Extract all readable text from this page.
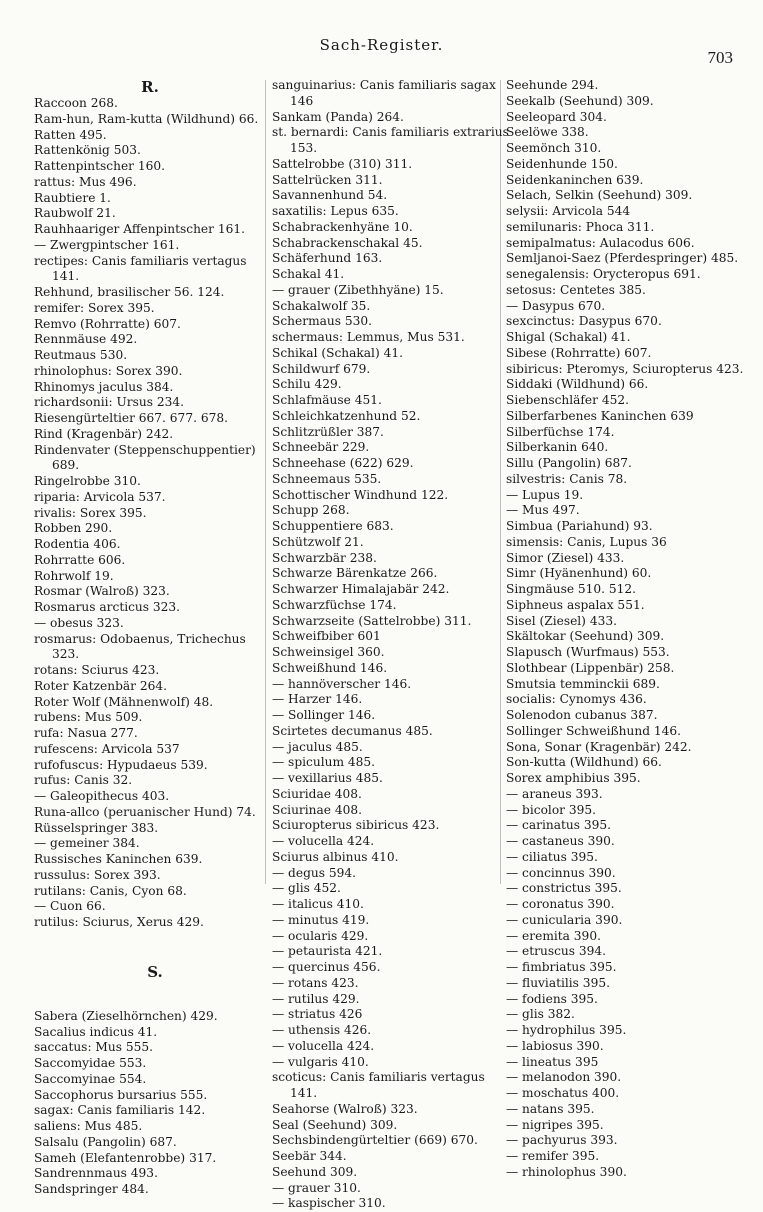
Sach-Register.
703
R.
Raccoon 268.
Ram-hun, Ram-kutta (Wildhund) 66.
Ratten 495.
Rattenkönig 503.
Rattenpintscher 160.
rattus: Mus 496.
Raubtiere 1.
Raubwolf 21.
Rauhhaariger Affenpintscher 161.
— Zwergpintscher 161.
rectipes: Canis familiaris vertagus 141.
Rehhund, brasilischer 56. 124.
remifer: Sorex 395.
Remvo (Rohrratte) 607.
Rennmäuse 492.
Reutmaus 530.
rhinolophus: Sorex 390.
Rhinomys jaculus 384.
richardsonii: Ursus 234.
Riesengürteltier 667. 677. 678.
Rind (Kragenbär) 242.
Rindenvater (Steppenschuppentier) 689.
Ringelrobbe 310.
riparia: Arvicola 537.
rivalis: Sorex 395.
Robben 290.
Rodentia 406.
Rohrratte 606.
Rohrwolf 19.
Rosmar (Walroß) 323.
Rosmarus arcticus 323.
— obesus 323.
rosmarus: Odobaenus, Trichechus 323.
rotans: Sciurus 423.
Roter Katzenbär 264.
Roter Wolf (Mähnenwolf) 48.
rubens: Mus 509.
rufa: Nasua 277.
rufescens: Arvicola 537
rufofuscus: Hypudaeus 539.
rufus: Canis 32.
— Galeopithecus 403.
Runa-allco (peruanischer Hund) 74.
Rüsselspringer 383.
— gemeiner 384.
Russisches Kaninchen 639.
russulus: Sorex 393.
rutilans: Canis, Cyon 68.
— Cuon 66.
rutilus: Sciurus, Xerus 429.
S.
Sabera (Zieselhörnchen) 429.
Sacalius indicus 41.
saccatus: Mus 555.
Saccomyidae 553.
Saccomyinae 554.
Saccophorus bursarius 555.
sagax: Canis familiaris 142.
saliens: Mus 485.
Salsalu (Pangolin) 687.
Sameh (Elefantenrobbe) 317.
Sandrennmaus 493.
Sandspringer 484.
sanguinarius: Canis familiaris sagax 146
Sankam (Panda) 264.
st. bernardi: Canis familiaris extrarius 153.
Sattelrobbe (310) 311.
Sattelrücken 311.
Savannenhund 54.
saxatilis: Lepus 635.
Schabrackenhyäne 10.
Schabrackenschakal 45.
Schäferhund 163.
Schakal 41.
— grauer (Zibethhyäne) 15.
Schakalwolf 35.
Schermaus 530.
schermaus: Lemmus, Mus 531.
Schikal (Schakal) 41.
Schildwurf 679.
Schilu 429.
Schlafmäuse 451.
Schleichkatzenhund 52.
Schlitzrüßler 387.
Schneebär 229.
Schneehase (622) 629.
Schneemaus 535.
Schottischer Windhund 122.
Schupp 268.
Schuppentiere 683.
Schützwolf 21.
Schwarzbär 238.
Schwarze Bärenkatze 266.
Schwarzer Himalajabär 242.
Schwarzfüchse 174.
Schwarzseite (Sattelrobbe) 311.
Schweifbiber 601
Schweinsigel 360.
Schweißhund 146.
— hannöverscher 146.
— Harzer 146.
— Sollinger 146.
Scirtetes decumanus 485.
— jaculus 485.
— spiculum 485.
— vexillarius 485.
Sciuridae 408.
Sciurinae 408.
Sciuropterus sibiricus 423.
— volucella 424.
Sciurus albinus 410.
— degus 594.
— glis 452.
— italicus 410.
— minutus 419.
— ocularis 429.
— petaurista 421.
— quercinus 456.
— rotans 423.
— rutilus 429.
— striatus 426
— uthensis 426.
— volucella 424.
— vulgaris 410.
scoticus: Canis familiaris vertagus 141.
Seahorse (Walroß) 323.
Seal (Seehund) 309.
Sechsbindengürteltier (669) 670.
Seebär 344.
Seehund 309.
— grauer 310.
— kaspischer 310.
Seehunde 294.
Seekalb (Seehund) 309.
Seeleopard 304.
Seelöwe 338.
Seemönch 310.
Seidenhunde 150.
Seidenkaninchen 639.
Selach, Selkin (Seehund) 309.
selysii: Arvicola 544
semilunaris: Phoca 311.
semipalmatus: Aulacodus 606.
Semljanoi-Saez (Pferdespringer) 485.
senegalensis: Orycteropus 691.
setosus: Centetes 385.
— Dasypus 670.
sexcinctus: Dasypus 670.
Shigal (Schakal) 41.
Sibese (Rohrratte) 607.
sibiricus: Pteromys, Sciuropterus 423.
Siddaki (Wildhund) 66.
Siebenschläfer 452.
Silberfarbenes Kaninchen 639
Silberfüchse 174.
Silberkanin 640.
Sillu (Pangolin) 687.
silvestris: Canis 78.
— Lupus 19.
— Mus 497.
Simbua (Pariahund) 93.
simensis: Canis, Lupus 36
Simor (Ziesel) 433.
Simr (Hyänenhund) 60.
Singmäuse 510. 512.
Siphneus aspalax 551.
Sisel (Ziesel) 433.
Skältokar (Seehund) 309.
Slapusch (Wurfmaus) 553.
Slothbear (Lippenbär) 258.
Smutsia temminckii 689.
socialis: Cynomys 436.
Solenodon cubanus 387.
Sollinger Schweißhund 146.
Sona, Sonar (Kragenbär) 242.
Son-kutta (Wildhund) 66.
Sorex amphibius 395.
— araneus 393.
— bicolor 395.
— carinatus 395.
— castaneus 390.
— ciliatus 395.
— concinnus 390.
— constrictus 395.
— coronatus 390.
— cunicularia 390.
— eremita 390.
— etruscus 394.
— fimbriatus 395.
— fluviatilis 395.
— fodiens 395.
— glis 382.
— hydrophilus 395.
— labiosus 390.
— lineatus 395
— melanodon 390.
— moschatus 400.
— natans 395.
— nigripes 395.
— pachyurus 393.
— remifer 395.
— rhinolophus 390.
